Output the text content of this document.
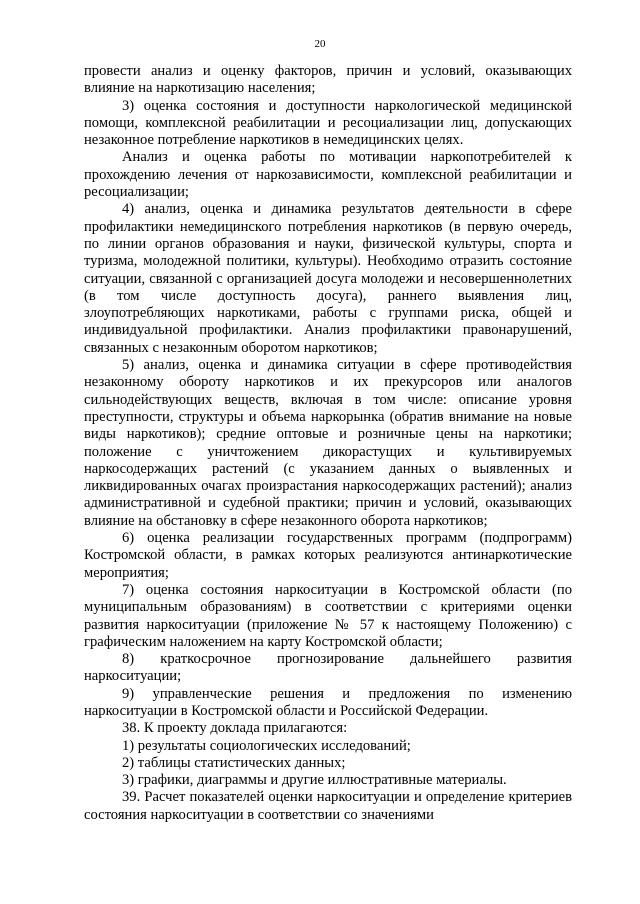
20

провести анализ и оценку факторов, причин и условий, оказывающих влияние на наркотизацию населения;

3) оценка состояния и доступности наркологической медицинской помощи, комплексной реабилитации и ресоциализации лиц, допускающих незаконное потребление наркотиков в немедицинских целях.

Анализ и оценка работы по мотивации наркопотребителей к прохождению лечения от наркозависимости, комплексной реабилитации и ресоциализации;

4) анализ, оценка и динамика результатов деятельности в сфере профилактики немедицинского потребления наркотиков (в первую очередь, по линии органов образования и науки, физической культуры, спорта и туризма, молодежной политики, культуры). Необходимо отразить состояние ситуации, связанной с организацией досуга молодежи и несовершеннолетних (в том числе доступность досуга), раннего выявления лиц, злоупотребляющих наркотиками, работы с группами риска, общей и индивидуальной профилактики. Анализ профилактики правонарушений, связанных с незаконным оборотом наркотиков;

5) анализ, оценка и динамика ситуации в сфере противодействия незаконному обороту наркотиков и их прекурсоров или аналогов сильнодействующих веществ, включая в том числе: описание уровня преступности, структуры и объема наркорынка (обратив внимание на новые виды наркотиков); средние оптовые и розничные цены на наркотики; положение с уничтожением дикорастущих и культивируемых наркосодержащих растений (с указанием данных о выявленных и ликвидированных очагах произрастания наркосодержащих растений); анализ административной и судебной практики; причин и условий, оказывающих влияние на обстановку в сфере незаконного оборота наркотиков;

6) оценка реализации государственных программ (подпрограмм) Костромской области, в рамках которых реализуются антинаркотические мероприятия;

7) оценка состояния наркоситуации в Костромской области (по муниципальным образованиям) в соответствии с критериями оценки развития наркоситуации (приложение № 57 к настоящему Положению) с графическим наложением на карту Костромской области;

8) краткосрочное прогнозирование дальнейшего развития наркоситуации;

9) управленческие решения и предложения по изменению наркоситуации в Костромской области и Российской Федерации.

38. К проекту доклада прилагаются:

1) результаты социологических исследований;

2) таблицы статистических данных;

3) графики, диаграммы и другие иллюстративные материалы.

39. Расчет показателей оценки наркоситуации и определение критериев состояния наркоситуации в соответствии со значениями
